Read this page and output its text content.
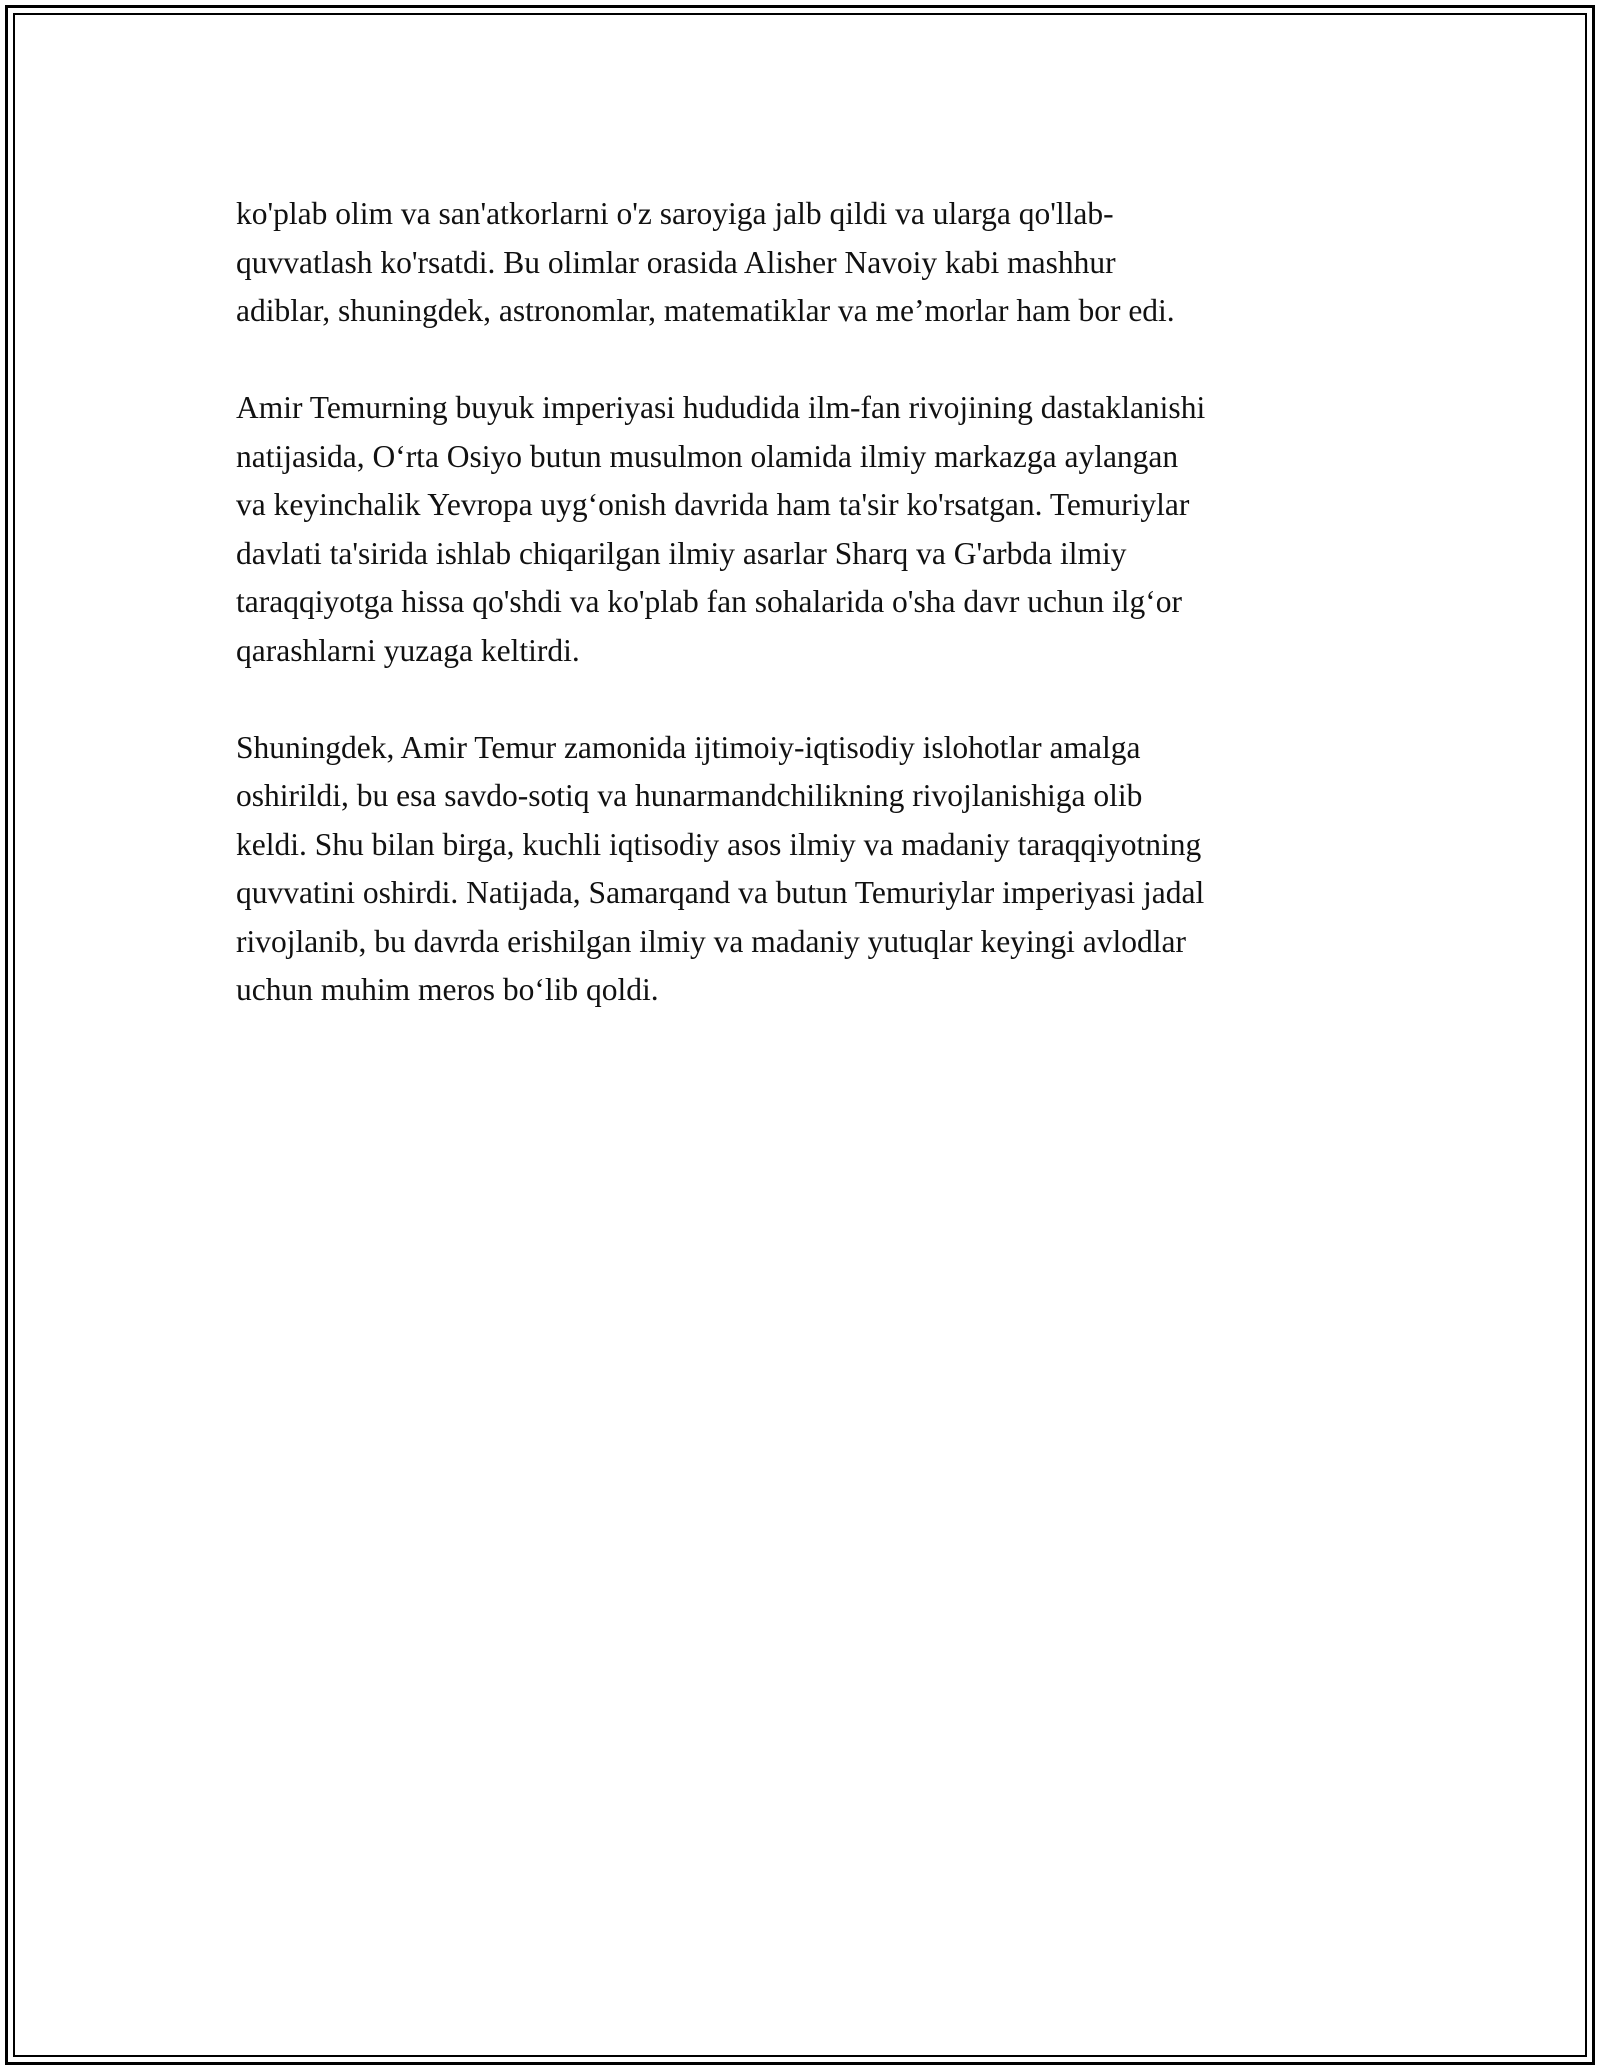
ko'plab olim va san'atkorlarni o'z saroyiga jalb qildi va ularga qo'llab-
quvvatlash ko'rsatdi. Bu olimlar orasida Alisher Navoiy kabi mashhur
adiblar, shuningdek, astronomlar, matematiklar va me’morlar ham bor edi.

Amir Temurning buyuk imperiyasi hududida ilm-fan rivojining dastaklanishi
natijasida, O‘rta Osiyo butun musulmon olamida ilmiy markazga aylangan
va keyinchalik Yevropa uyg‘onish davrida ham ta'sir ko'rsatgan. Temuriylar
davlati ta'sirida ishlab chiqarilgan ilmiy asarlar Sharq va G'arbda ilmiy
taraqqiyotga hissa qo'shdi va ko'plab fan sohalarida o'sha davr uchun ilg‘or
qarashlarni yuzaga keltirdi.

Shuningdek, Amir Temur zamonida ijtimoiy-iqtisodiy islohotlar amalga
oshirildi, bu esa savdo-sotiq va hunarmandchilikning rivojlanishiga olib
keldi. Shu bilan birga, kuchli iqtisodiy asos ilmiy va madaniy taraqqiyotning
quvvatini oshirdi. Natijada, Samarqand va butun Temuriylar imperiyasi jadal
rivojlanib, bu davrda erishilgan ilmiy va madaniy yutuqlar keyingi avlodlar
uchun muhim meros bo‘lib qoldi.
